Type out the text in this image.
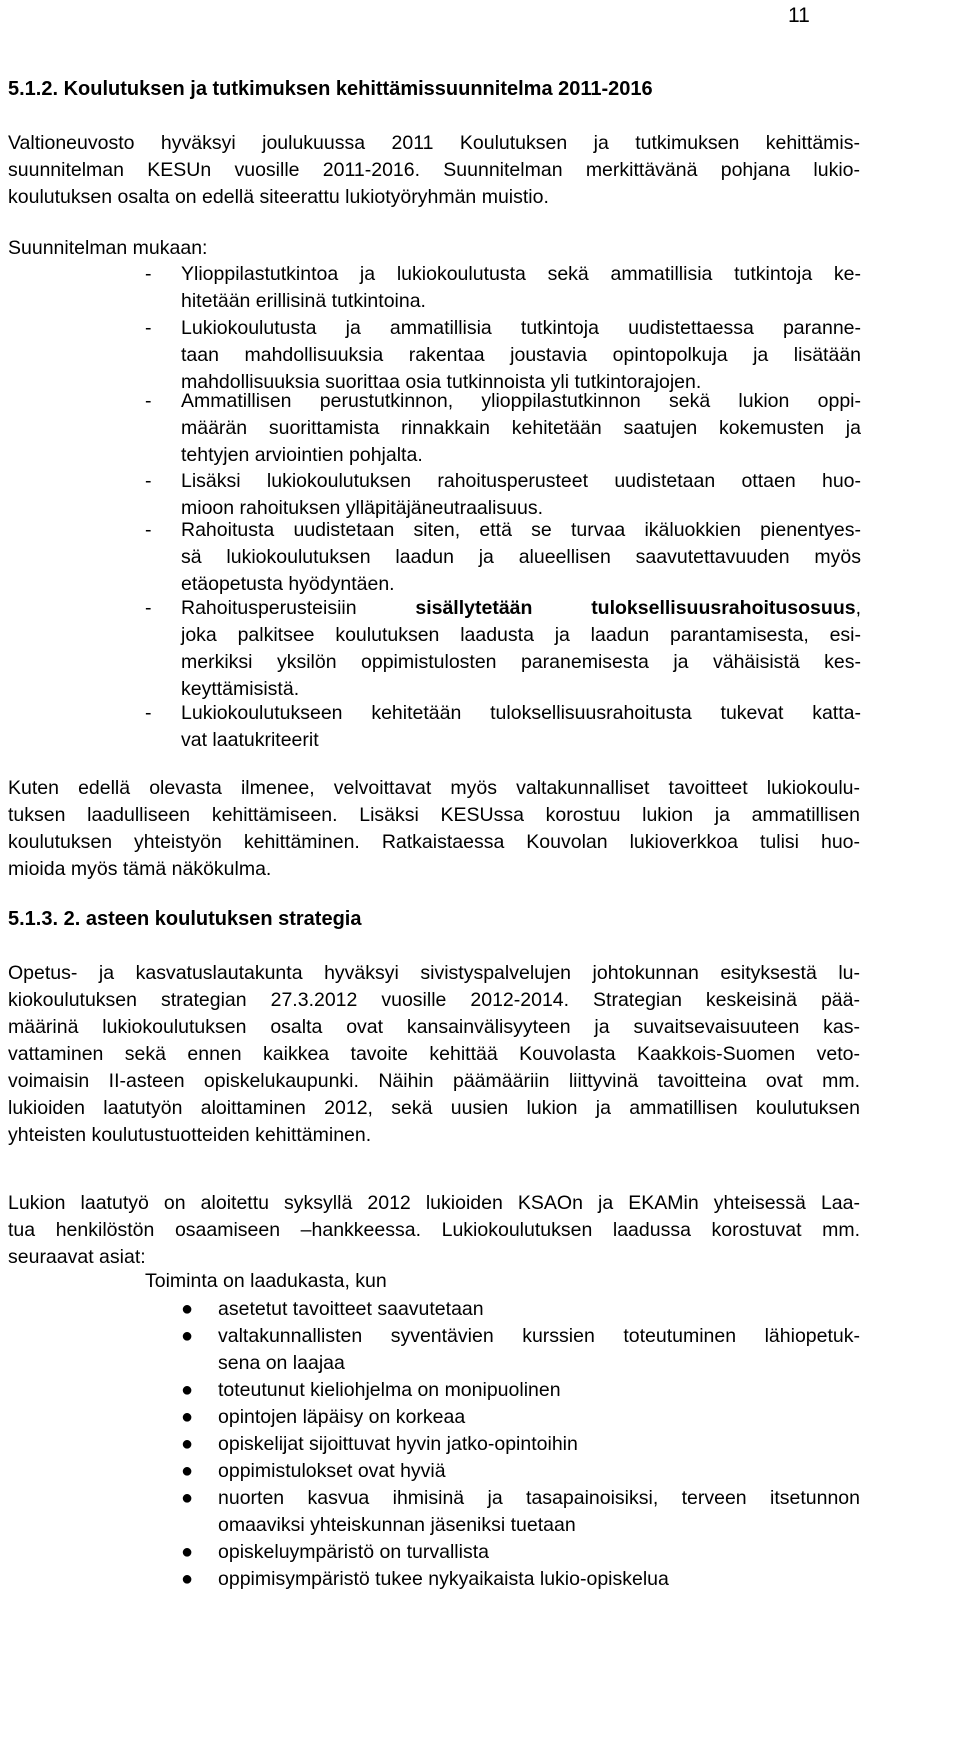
11
5.1.2. Koulutuksen ja tutkimuksen kehittämissuunnitelma 2011-2016
Valtioneuvosto hyväksyi joulukuussa 2011 Koulutuksen ja tutkimuksen kehittämis-
suunnitelman KESUn vuosille 2011-2016. Suunnitelman merkittävänä pohjana lukio-
koulutuksen osalta on edellä siteerattu lukiotyöryhmän muistio.
Suunnitelman mukaan:
- Ylioppilastutkintoa ja lukiokoulutusta sekä ammatillisia tutkintoja ke-
hitetään erillisinä tutkintoina.
- Lukiokoulutusta ja ammatillisia tutkintoja uudistettaessa paranne-
taan mahdollisuuksia rakentaa joustavia opintopolkuja ja lisätään
mahdollisuuksia suorittaa osia tutkinnoista yli tutkintorajojen.
- Ammatillisen perustutkinnon, ylioppilastutkinnon sekä lukion oppi-
määrän suorittamista rinnakkain kehitetään saatujen kokemusten ja
tehtyjen arviointien pohjalta.
- Lisäksi lukiokoulutuksen rahoitusperusteet uudistetaan ottaen huo-
mioon rahoituksen ylläpitäjäneutraalisuus.
- Rahoitusta uudistetaan siten, että se turvaa ikäluokkien pienentyes-
sä lukiokoulutuksen laadun ja alueellisen saavutettavuuden myös
etäopetusta hyödyntäen.
- Rahoitusperusteisiin sisällytetään tuloksellisuusrahoitusosuus,
joka palkitsee koulutuksen laadusta ja laadun parantamisesta, esi-
merkiksi yksilön oppimistulosten paranemisesta ja vähäisistä kes-
keyttämisistä.
- Lukiokoulutukseen kehitetään tuloksellisuusrahoitusta tukevat katta-
vat laatukriteerit
Kuten edellä olevasta ilmenee, velvoittavat myös valtakunnalliset tavoitteet lukiokoulu-
tuksen laadulliseen kehittämiseen. Lisäksi KESUssa korostuu lukion ja ammatillisen
koulutuksen yhteistyön kehittäminen. Ratkaistaessa Kouvolan lukioverkkoa tulisi huo-
mioida myös tämä näkökulma.
5.1.3. 2. asteen koulutuksen strategia
Opetus- ja kasvatuslautakunta hyväksyi sivistyspalvelujen johtokunnan esityksestä lu-
kiokoulutuksen strategian 27.3.2012 vuosille 2012-2014. Strategian keskeisinä pää-
määrinä lukiokoulutuksen osalta ovat kansainvälisyyteen ja suvaitsevaisuuteen kas-
vattaminen sekä ennen kaikkea tavoite kehittää Kouvolasta Kaakkois-Suomen veto-
voimaisin II-asteen opiskelukaupunki. Näihin päämääriin liittyvinä tavoitteina ovat mm.
lukioiden laatutyön aloittaminen 2012, sekä uusien lukion ja ammatillisen koulutuksen
yhteisten koulutustuotteiden kehittäminen.
Lukion laatutyö on aloitettu syksyllä 2012 lukioiden KSAOn ja EKAMin yhteisessä Laa-
tua henkilöstön osaamiseen –hankkeessa. Lukiokoulutuksen laadussa korostuvat mm.
seuraavat asiat:
Toiminta on laadukasta, kun
● asetetut tavoitteet saavutetaan
● valtakunnallisten syventävien kurssien toteutuminen lähiopetuk-
sena on laajaa
● toteutunut kieliohjelma on monipuolinen
● opintojen läpäisy on korkeaa
● opiskelijat sijoittuvat hyvin jatko-opintoihin
● oppimistulokset ovat hyviä
● nuorten kasvua ihmisinä ja tasapainoisiksi, terveen itsetunnon
omaaviksi yhteiskunnan jäseniksi tuetaan
● opiskeluympäristö on turvallista
● oppimisympäristö tukee nykyaikaista lukio-opiskelua
